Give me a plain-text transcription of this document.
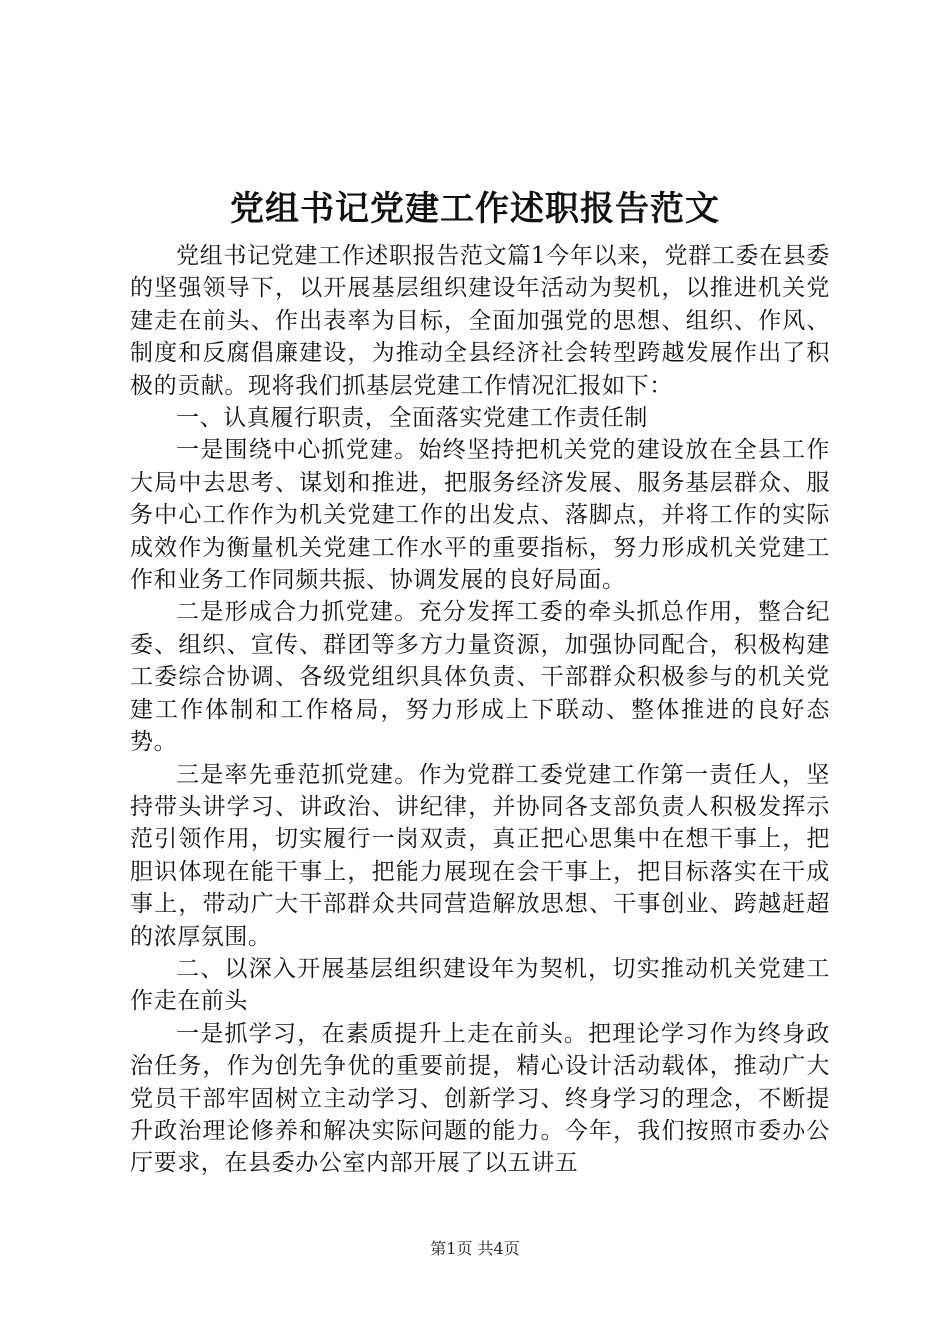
党组书记党建工作述职报告范文

党组书记党建工作述职报告范文篇1今年以来，党群工委在县委的坚强领导下，以开展基层组织建设年活动为契机，以推进机关党建走在前头、作出表率为目标，全面加强党的思想、组织、作风、制度和反腐倡廉建设，为推动全县经济社会转型跨越发展作出了积极的贡献。现将我们抓基层党建工作情况汇报如下：

一、认真履行职责，全面落实党建工作责任制

一是围绕中心抓党建。始终坚持把机关党的建设放在全县工作大局中去思考、谋划和推进，把服务经济发展、服务基层群众、服务中心工作作为机关党建工作的出发点、落脚点，并将工作的实际成效作为衡量机关党建工作水平的重要指标，努力形成机关党建工作和业务工作同频共振、协调发展的良好局面。

二是形成合力抓党建。充分发挥工委的牵头抓总作用，整合纪委、组织、宣传、群团等多方力量资源，加强协同配合，积极构建工委综合协调、各级党组织具体负责、干部群众积极参与的机关党建工作体制和工作格局，努力形成上下联动、整体推进的良好态势。

三是率先垂范抓党建。作为党群工委党建工作第一责任人，坚持带头讲学习、讲政治、讲纪律，并协同各支部负责人积极发挥示范引领作用，切实履行一岗双责，真正把心思集中在想干事上，把胆识体现在能干事上，把能力展现在会干事上，把目标落实在干成事上，带动广大干部群众共同营造解放思想、干事创业、跨越赶超的浓厚氛围。

二、以深入开展基层组织建设年为契机，切实推动机关党建工作走在前头

一是抓学习，在素质提升上走在前头。把理论学习作为终身政治任务，作为创先争优的重要前提，精心设计活动载体，推动广大党员干部牢固树立主动学习、创新学习、终身学习的理念，不断提升政治理论修养和解决实际问题的能力。今年，我们按照市委办公厅要求，在县委办公室内部开展了以五讲五

第1页 共4页
